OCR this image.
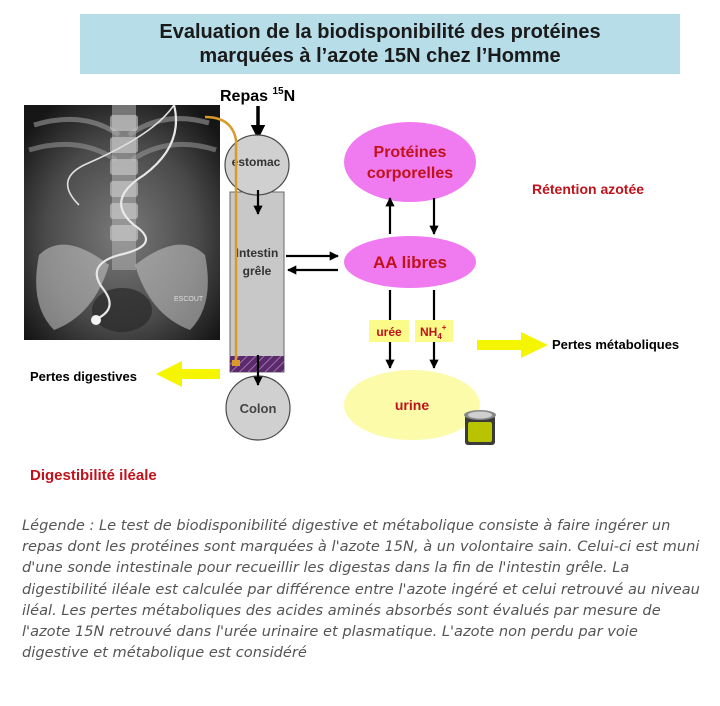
Evaluation de la biodisponibilité des protéines
marquées à l’azote 15N chez l’Homme
ESCOUT
Repas $^{15}$N
Intestin
grêle
estomac
Colon
Protéines
corporelles
AA libres
urée $NH_4^+$
urine
Pertes métaboliques
Pertes digestives
Rétention azotée
Digestibilité iléale
Légende : Le test de biodisponibilité digestive et métabolique consiste à faire ingérer un repas dont les protéines sont marquées à l'azote 15N, à un volontaire sain. Celui-ci est muni d'une sonde intestinale pour recueillir les digestas dans la fin de l'intestin grêle. La digestibilité iléale est calculée par différence entre l'azote ingéré et celui retrouvé au niveau iléal. Les pertes métaboliques des acides aminés absorbés sont évalués par mesure de l'azote 15N retrouvé dans l'urée urinaire et plasmatique. L'azote non perdu par voie digestive et métabolique est considéré
